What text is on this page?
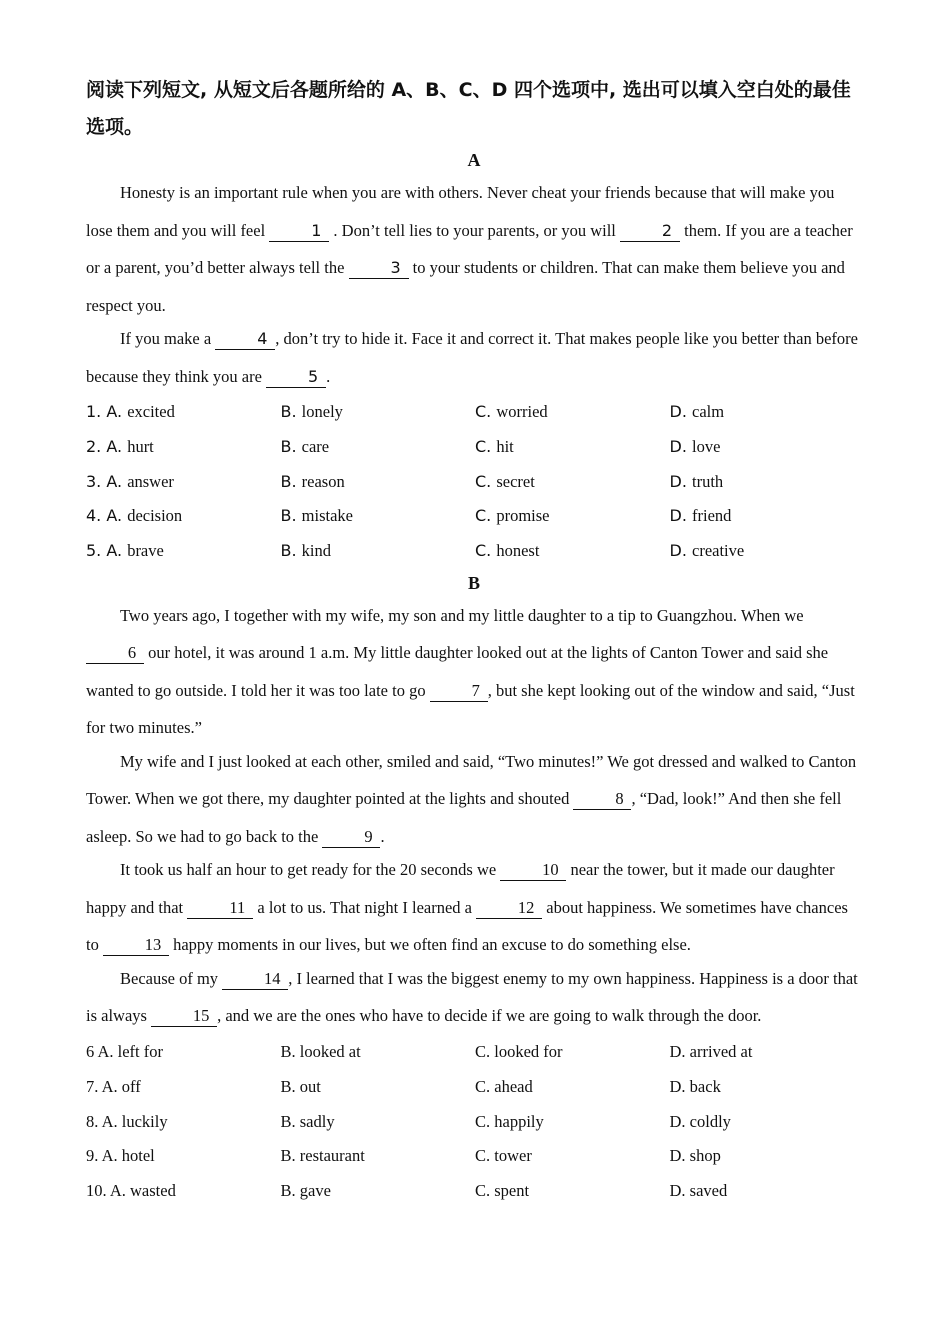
阅读下列短文, 从短文后各题所给的 A、B、C、D 四个选项中, 选出可以填入空白处的最佳选项。
A

Honesty is an important rule when you are with others. Never cheat your friends because that will make you lose them and you will feel	1 . Don’t tell lies to your parents, or you will	2 them. If you are a teacher or a parent, you’d better always tell the	3 to your students or children. That can make them believe you and respect you.

If you make a	4 , don’t try to hide it. Face it and correct it. That makes people like you better than before because they think you are	5 .

1. A. excited	B. lonely	C. worried	D. calm
2. A. hurt	B. care	C. hit	D. love
3. A. answer	B. reason	C. secret	D. truth
4. A. decision	B. mistake	C. promise	D. friend
5. A. brave	B. kind	C. honest	D. creative
B

Two years ago, I together with my wife, my son and my little daughter to a tip to Guangzhou. When we 6 our hotel, it was around 1 a.m. My little daughter looked out at the lights of Canton Tower and said she wanted to go outside. I told her it was too late to go	7 , but she kept looking out of the window and said, “Just for two minutes.”

My wife and I just looked at each other, smiled and said, “Two minutes!” We got dressed and walked to Canton Tower. When we got there, my daughter pointed at the lights and shouted	8 , “Dad, look!” And then she fell asleep. So we had to go back to the	9 .

It took us half an hour to get ready for the 20 seconds we	10 near the tower, but it made our daughter happy and that	11 a lot to us. That night I learned a	12 about happiness. We sometimes have chances to	13 happy moments in our lives, but we often find an excuse to do something else.

Because of my	14 , I learned that I was the biggest enemy to my own happiness. Happiness is a door that is always	15 , and we are the ones who have to decide if we are going to walk through the door.

6 A. left for	B. looked at	C. looked for	D. arrived at
7. A. off	B. out	C. ahead	D. back
8. A. luckily	B. sadly	C. happily	D. coldly
9. A. hotel	B. restaurant	C. tower	D. shop
10. A. wasted	B. gave	C. spent	D. saved
